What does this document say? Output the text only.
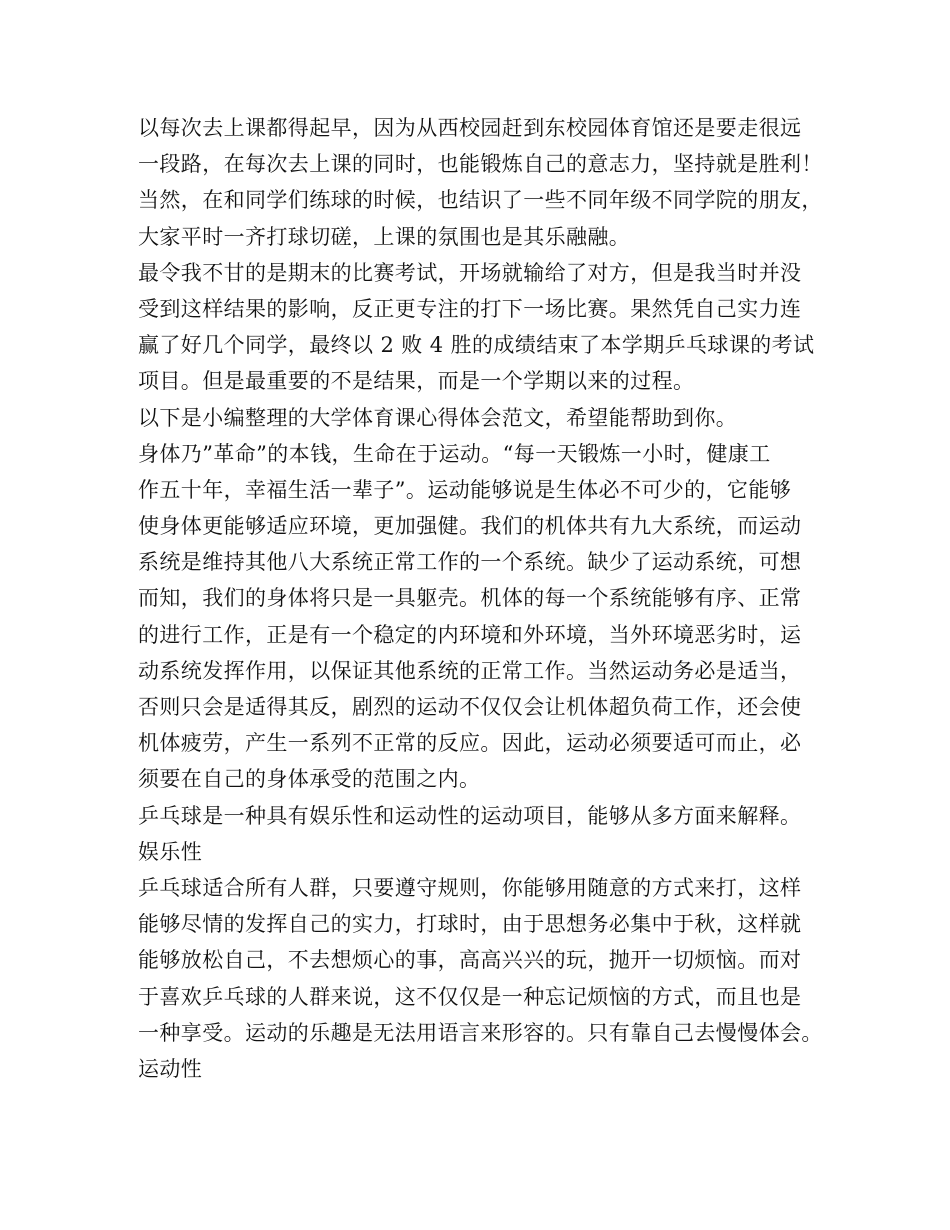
以每次去上课都得起早，因为从西校园赶到东校园体育馆还是要走很远
一段路，在每次去上课的同时，也能锻炼自己的意志力，坚持就是胜利！
当然，在和同学们练球的时候，也结识了一些不同年级不同学院的朋友，
大家平时一齐打球切磋，上课的氛围也是其乐融融。
最令我不甘的是期末的比赛考试，开场就输给了对方，但是我当时并没
受到这样结果的影响，反正更专注的打下一场比赛。果然凭自己实力连
赢了好几个同学，最终以 2 败 4 胜的成绩结束了本学期乒乓球课的考试
项目。但是最重要的不是结果，而是一个学期以来的过程。
以下是小编整理的大学体育课心得体会范文，希望能帮助到你。
身体乃”革命”的本钱，生命在于运动。“每一天锻炼一小时，健康工
作五十年，幸福生活一辈子”。运动能够说是生体必不可少的，它能够
使身体更能够适应环境，更加强健。我们的机体共有九大系统，而运动
系统是维持其他八大系统正常工作的一个系统。缺少了运动系统，可想
而知，我们的身体将只是一具躯壳。机体的每一个系统能够有序、正常
的进行工作，正是有一个稳定的内环境和外环境，当外环境恶劣时，运
动系统发挥作用，以保证其他系统的正常工作。当然运动务必是适当，
否则只会是适得其反，剧烈的运动不仅仅会让机体超负荷工作，还会使
机体疲劳，产生一系列不正常的反应。因此，运动必须要适可而止，必
须要在自己的身体承受的范围之内。
乒乓球是一种具有娱乐性和运动性的运动项目，能够从多方面来解释。
娱乐性
乒乓球适合所有人群，只要遵守规则，你能够用随意的方式来打，这样
能够尽情的发挥自己的实力，打球时，由于思想务必集中于秋，这样就
能够放松自己，不去想烦心的事，高高兴兴的玩，抛开一切烦恼。而对
于喜欢乒乓球的人群来说，这不仅仅是一种忘记烦恼的方式，而且也是
一种享受。运动的乐趣是无法用语言来形容的。只有靠自己去慢慢体会。
运动性
